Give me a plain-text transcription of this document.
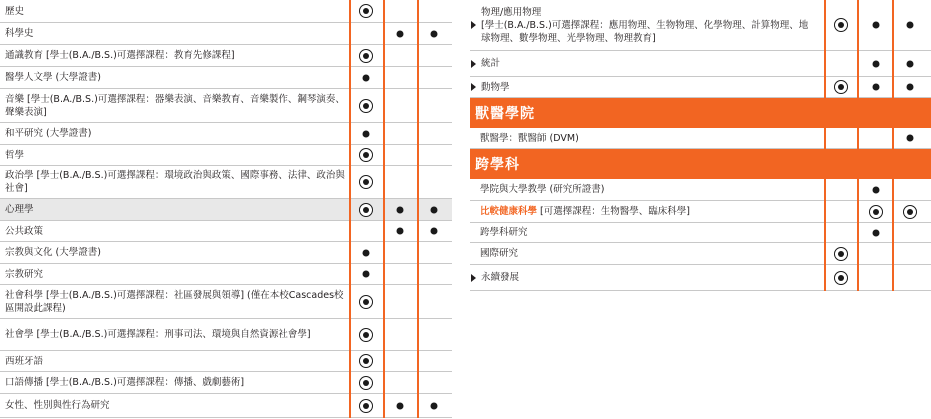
歷史
科學史
通識教育 [學士(B.A./B.S.)可選擇課程：教育先修課程]
醫學人文學 (大學證書)
音樂 [學士(B.A./B.S.)可選擇課程：器樂表演、音樂教育、音樂製作、鋼琴演奏、聲樂表演]
和平研究 (大學證書)
哲學
政治學 [學士(B.A./B.S.)可選擇課程：環境政治與政策、國際事務、法律、政治與社會]
心理學
公共政策
宗教與文化 (大學證書)
宗教研究
社會科學 [學士(B.A./B.S.)可選擇課程：社區發展與領導] (僅在本校Cascades校區開設此課程)
社會學 [學士(B.A./B.S.)可選擇課程：刑事司法、環境與自然資源社會學]
西班牙語
口語傳播 [學士(B.A./B.S.)可選擇課程：傳播、戲劇藝術]
女性、性別與性行為研究
物理/應用物理
[學士(B.A./B.S.)可選擇課程：應用物理、生物物理、化學物理、計算物理、地球物理、數學物理、光學物理、物理教育]
統計
動物學
獸醫學院
獸醫學：獸醫師 (DVM)
跨學科
學院與大學教學 (研究所證書)
比較健康科學 [可選擇課程：生物醫學、臨床科學]
跨學科研究
國際研究
永續發展
